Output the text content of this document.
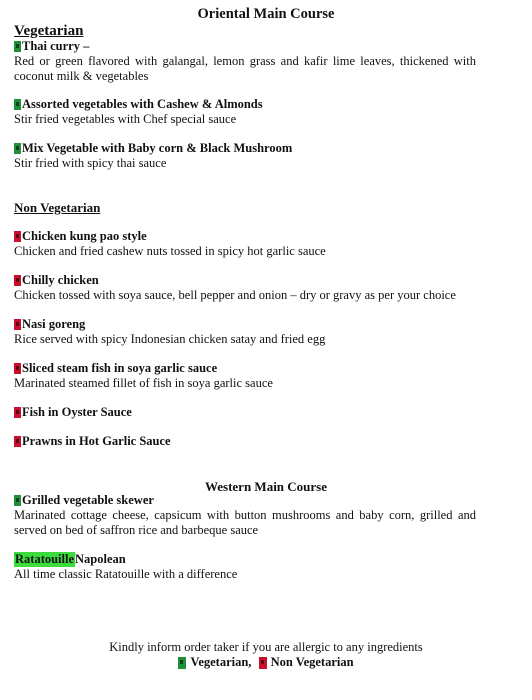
Oriental Main Course
Vegetarian
Thai curry –
Red or green flavored with galangal, lemon grass and kafir lime leaves, thickened with coconut milk & vegetables
Assorted vegetables with Cashew & Almonds
Stir fried vegetables with Chef special sauce
Mix Vegetable with Baby corn & Black Mushroom
Stir fried with spicy thai sauce
Non Vegetarian
Chicken kung pao style
Chicken and fried cashew nuts tossed in spicy hot garlic sauce
Chilly chicken
Chicken tossed with soya sauce, bell pepper and onion – dry or gravy as per your choice
Nasi goreng
Rice served with spicy Indonesian chicken satay and fried egg
Sliced steam fish in soya garlic sauce
Marinated steamed fillet of fish in soya garlic sauce
Fish in Oyster Sauce
Prawns in Hot Garlic Sauce
Western Main Course
Grilled vegetable skewer
Marinated cottage cheese, capsicum with button mushrooms and baby corn, grilled and served on bed of saffron rice and barbeque sauce
Ratatouille Napolean
All time classic Ratatouille with a difference
Kindly inform order taker if you are allergic to any ingredients
Vegetarian,
Non Vegetarian
